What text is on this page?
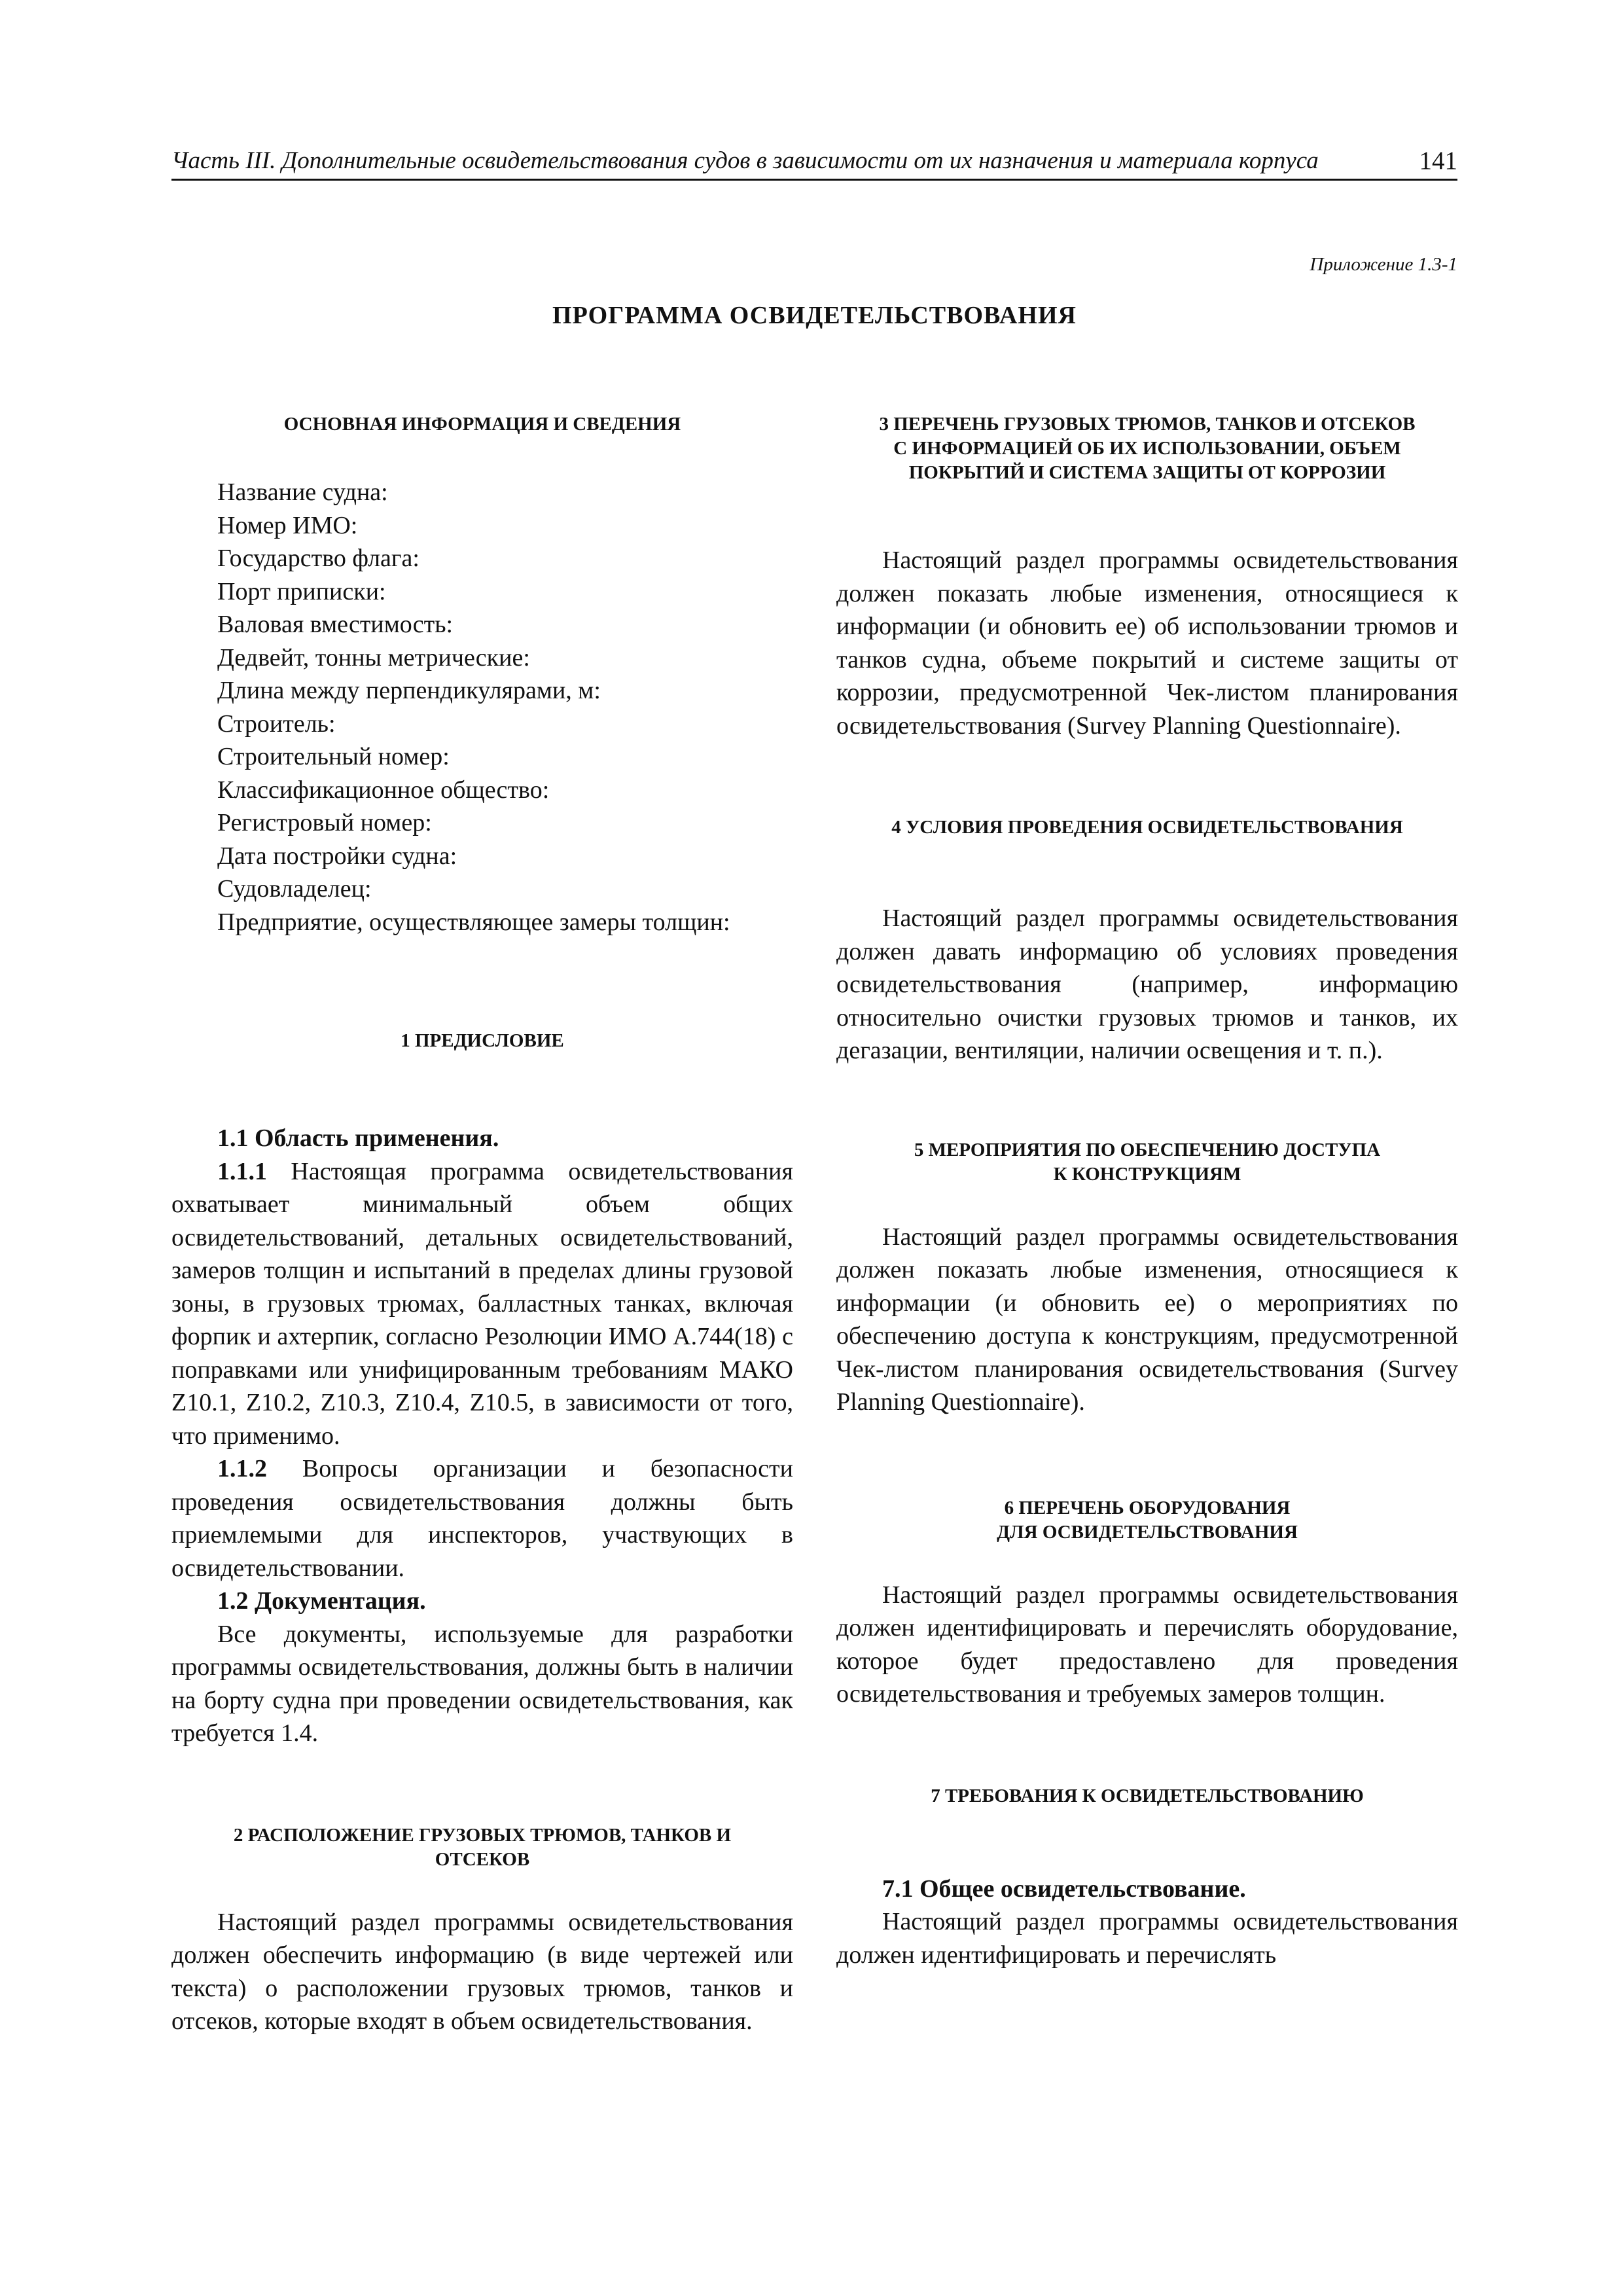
Часть III. Дополнительные освидетельствования судов в зависимости от их назначения и материала корпуса	141
Приложение 1.3-1
ПРОГРАММА ОСВИДЕТЕЛЬСТВОВАНИЯ
ОСНОВНАЯ ИНФОРМАЦИЯ И СВЕДЕНИЯ
Название судна:
Номер ИМО:
Государство флага:
Порт приписки:
Валовая вместимость:
Дедвейт, тонны метрические:
Длина между перпендикулярами, м:
Строитель:
Строительный номер:
Классификационное общество:
Регистровый номер:
Дата постройки судна:
Судовладелец:
Предприятие, осуществляющее замеры толщин:
1 ПРЕДИСЛОВИЕ

1.1 Область применения.

1.1.1 Настоящая программа освидетельствования охватывает минимальный объем общих освидетельствований, детальных освидетельствований, замеров толщин и испытаний в пределах длины грузовой зоны, в грузовых трюмах, балластных танках, включая форпик и ахтерпик, согласно Резолюции ИМО A.744(18) с поправками или унифицированным требованиям МАКО Z10.1, Z10.2, Z10.3, Z10.4, Z10.5, в зависимости от того, что применимо.

1.1.2 Вопросы организации и безопасности проведения освидетельствования должны быть приемлемыми для инспекторов, участвующих в освидетельствовании.

1.2 Документация.

Все документы, используемые для разработки программы освидетельствования, должны быть в наличии на борту судна при проведении освидетельствования, как требуется 1.4.

2 РАСПОЛОЖЕНИЕ ГРУЗОВЫХ ТРЮМОВ, ТАНКОВ И
ОТСЕКОВ

Настоящий раздел программы освидетельствования должен обеспечить информацию (в виде чертежей или текста) о расположении грузовых трюмов, танков и отсеков, которые входят в объем освидетельствования.

3 ПЕРЕЧЕНЬ ГРУЗОВЫХ ТРЮМОВ, ТАНКОВ И ОТСЕКОВ
С ИНФОРМАЦИЕЙ ОБ ИХ ИСПОЛЬЗОВАНИИ, ОБЪЕМ
ПОКРЫТИЙ И СИСТЕМА ЗАЩИТЫ ОТ КОРРОЗИИ

Настоящий раздел программы освидетельствования должен показать любые изменения, относящиеся к информации (и обновить ее) об использовании трюмов и танков судна, объеме покрытий и системе защиты от коррозии, предусмотренной Чек-листом планирования освидетельствования (Survey Planning Questionnaire).

4 УСЛОВИЯ ПРОВЕДЕНИЯ ОСВИДЕТЕЛЬСТВОВАНИЯ

Настоящий раздел программы освидетельствования должен давать информацию об условиях проведения освидетельствования (например, информацию относительно очистки грузовых трюмов и танков, их дегазации, вентиляции, наличии освещения и т. п.).

5 МЕРОПРИЯТИЯ ПО ОБЕСПЕЧЕНИЮ ДОСТУПА
К КОНСТРУКЦИЯМ

Настоящий раздел программы освидетельствования должен показать любые изменения, относящиеся к информации (и обновить ее) о мероприятиях по обеспечению доступа к конструкциям, предусмотренной Чек-листом планирования освидетельствования (Survey Planning Questionnaire).

6 ПЕРЕЧЕНЬ ОБОРУДОВАНИЯ
ДЛЯ ОСВИДЕТЕЛЬСТВОВАНИЯ

Настоящий раздел программы освидетельствования должен идентифицировать и перечислять оборудование, которое будет предоставлено для проведения освидетельствования и требуемых замеров толщин.

7 ТРЕБОВАНИЯ К ОСВИДЕТЕЛЬСТВОВАНИЮ

7.1 Общее освидетельствование.

Настоящий раздел программы освидетельствования должен идентифицировать и перечислять
